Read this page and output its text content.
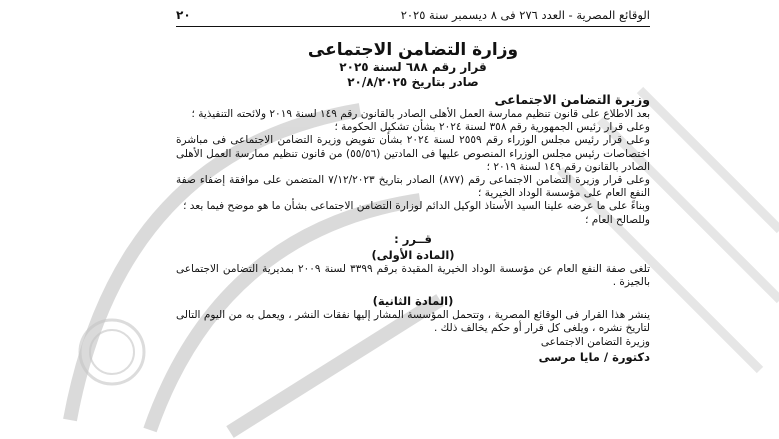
الوقائع المصرية - العدد ٢٧٦ فى ٨ ديسمبر سنة ٢٠٢٥
٢٠
وزارة التضامن الاجتماعى
قرار رقم ٦٨٨ لسنة ٢٠٢٥
صادر بتاريخ ٢٠/٨/٢٠٢٥
وزيرة التضامن الاجتماعى

بعد الاطلاع على قانون تنظيم ممارسة العمل الأهلى الصادر بالقانون رقم ١٤٩ لسنة ٢٠١٩ ولائحته التنفيذية ؛

وعلى قرار رئيس الجمهورية رقم ٣٥٨ لسنة ٢٠٢٤ بشأن تشكيل الحكومة ؛

وعلى قرار رئيس مجلس الوزراء رقم ٢٥٥٩ لسنة ٢٠٢٤ بشأن تفويض وزيرة التضامن الاجتماعى فى مباشرة اختصاصات رئيس مجلس الوزراء المنصوص عليها فى المادتين (٥٥/٥٦) من قانون تنظيم ممارسة العمل الأهلى الصادر بالقانون رقم ١٤٩ لسنة ٢٠١٩ ؛

وعلى قرار وزيرة التضامن الاجتماعى رقم (٨٧٧) الصادر بتاريخ ٧/١٢/٢٠٢٣ المتضمن على موافقة إضفاء صفة النفع العام على مؤسسة الوداد الخيرية ؛

وبناءً على ما عرضه علينا السيد الأستاذ الوكيل الدائم لوزارة التضامن الاجتماعى بشأن ما هو موضح فيما بعد ؛

وللصالح العام ؛

قــرر :
(المادة الأولى)

تلغى صفة النفع العام عن مؤسسة الوداد الخيرية المقيدة برقم ٣٣٩٩ لسنة ٢٠٠٩ بمديرية التضامن الاجتماعى بالجيزة .

(المادة الثانية)

ينشر هذا القرار فى الوقائع المصرية ، وتتحمل المؤسسة المشار إليها نفقات النشر ، ويعمل به من اليوم التالى لتاريخ نشره ، ويلغى كل قرار أو حكم يخالف ذلك .

وزيرة التضامن الاجتماعى
دكتورة / مايا مرسى
